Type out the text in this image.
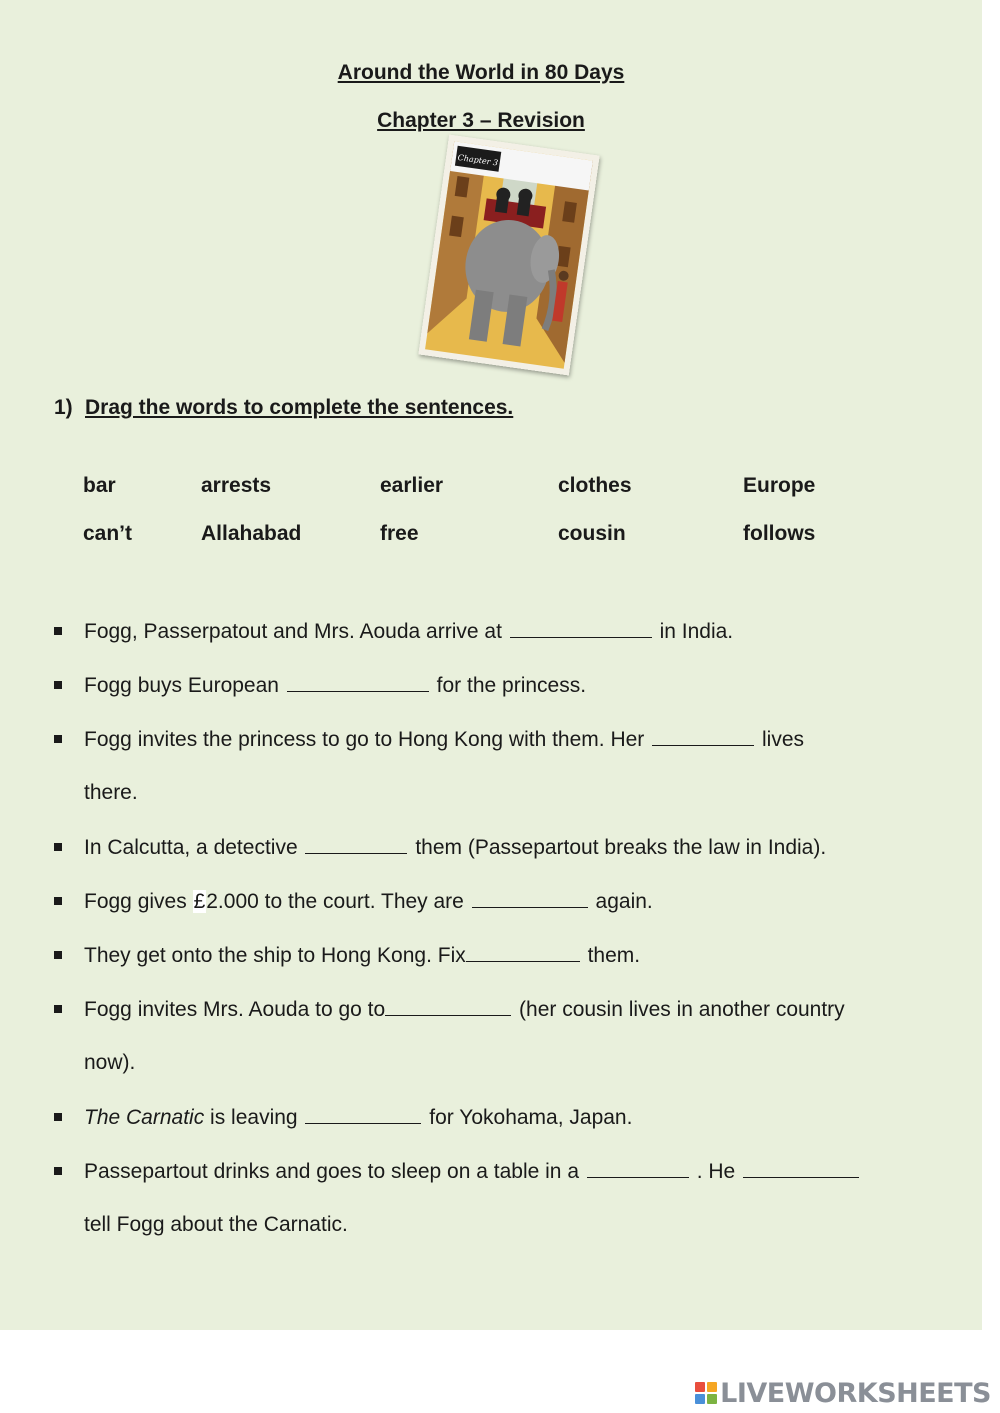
Around the World in 80 Days
Chapter 3 – Revision
Chapter 3
1) Drag the words to complete the sentences.
bar	arrests	earlier	clothes	Europe
can’t	Allahabad	free	cousin	follows
Fogg, Passerpatout and Mrs. Aouda arrive at	in India.
Fogg buys European	for the princess.
Fogg invites the princess to go to Hong Kong with them. Her	lives
there.
In Calcutta, a detective	them (Passepartout breaks the law in India).
Fogg gives £2.000 to the court. They are	again.
They get onto the ship to Hong Kong. Fix	them.
Fogg invites Mrs. Aouda to go to	(her cousin lives in another country
now).
The Carnatic is leaving	for Yokohama, Japan.
Passepartout drinks and goes to sleep on a table in a	. He
tell Fogg about the Carnatic.
LIVEWORKSHEETS
